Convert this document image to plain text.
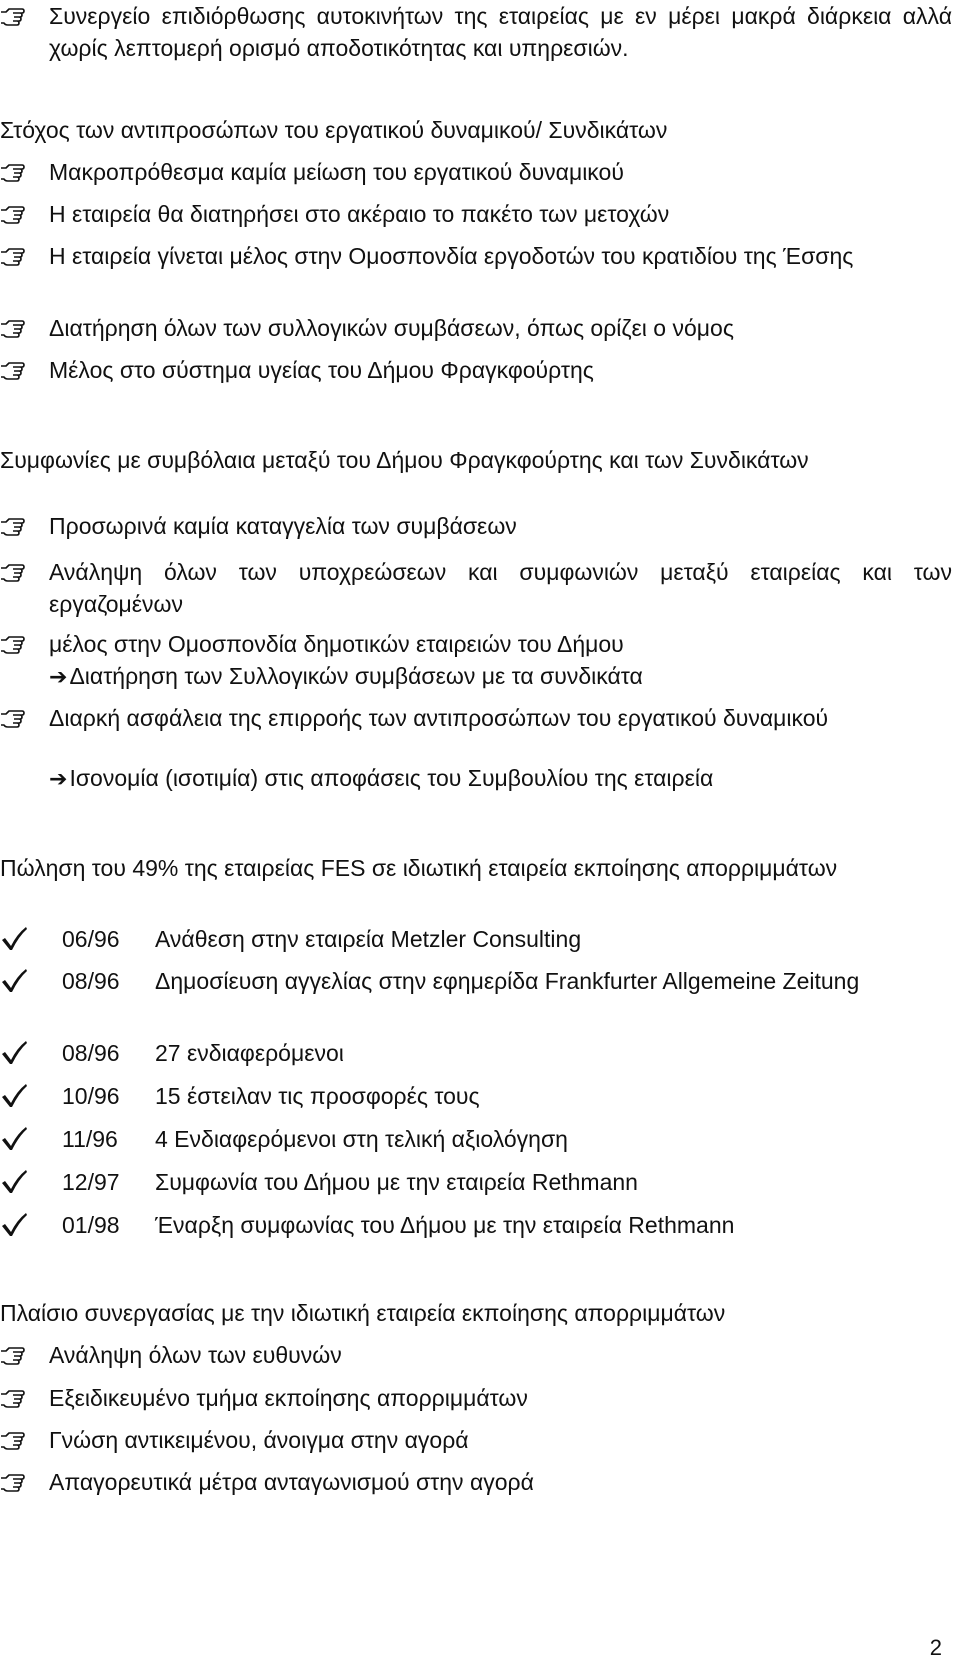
Συνεργείο επιδιόρθωσης αυτοκινήτων της εταιρείας με εν μέρει μακρά διάρκεια αλλά χωρίς λεπτομερή ορισμό αποδοτικότητας και υπηρεσιών.
Στόχος των αντιπροσώπων του εργατικού δυναμικού/ Συνδικάτων
Μακροπρόθεσμα καμία μείωση του εργατικού δυναμικού
Η εταιρεία θα διατηρήσει στο ακέραιο το πακέτο των μετοχών
Η εταιρεία γίνεται μέλος στην Ομοσπονδία εργοδοτών του κρατιδίου της Έσσης
Διατήρηση όλων των συλλογικών συμβάσεων, όπως ορίζει ο νόμος
Μέλος στο σύστημα υγείας του Δήμου Φραγκφούρτης
Συμφωνίες με συμβόλαια μεταξύ του Δήμου Φραγκφούρτης και των Συνδικάτων
Προσωρινά καμία καταγγελία των συμβάσεων
Ανάληψη όλων των υποχρεώσεων και συμφωνιών μεταξύ εταιρείας και των εργαζομένων
μέλος στην Ομοσπονδία δημοτικών εταιρειών του Δήμου
➔Διατήρηση των Συλλογικών συμβάσεων με τα συνδικάτα
Διαρκή ασφάλεια της επιρροής των αντιπροσώπων του εργατικού δυναμικού
➔Ισονομία (ισοτιμία) στις αποφάσεις του Συμβουλίου της εταιρεία
Πώληση του 49% της εταιρείας FES σε ιδιωτική εταιρεία εκποίησης απορριμμάτων
06/96 Ανάθεση στην εταιρεία Metzler Consulting
08/96 Δημοσίευση αγγελίας στην εφημερίδα Frankfurter Allgemeine Zeitung
08/96 27 ενδιαφερόμενοι
10/96 15 έστειλαν τις προσφορές τους
11/96 4 Ενδιαφερόμενοι στη τελική αξιολόγηση
12/97 Συμφωνία του Δήμου με την εταιρεία Rethmann
01/98 Έναρξη συμφωνίας του Δήμου με την εταιρεία Rethmann
Πλαίσιο συνεργασίας με την ιδιωτική εταιρεία εκποίησης απορριμμάτων
Ανάληψη όλων των ευθυνών
Εξειδικευμένο τμήμα εκποίησης απορριμμάτων
Γνώση αντικειμένου, άνοιγμα στην αγορά
Απαγορευτικά μέτρα ανταγωνισμού στην αγορά
2
